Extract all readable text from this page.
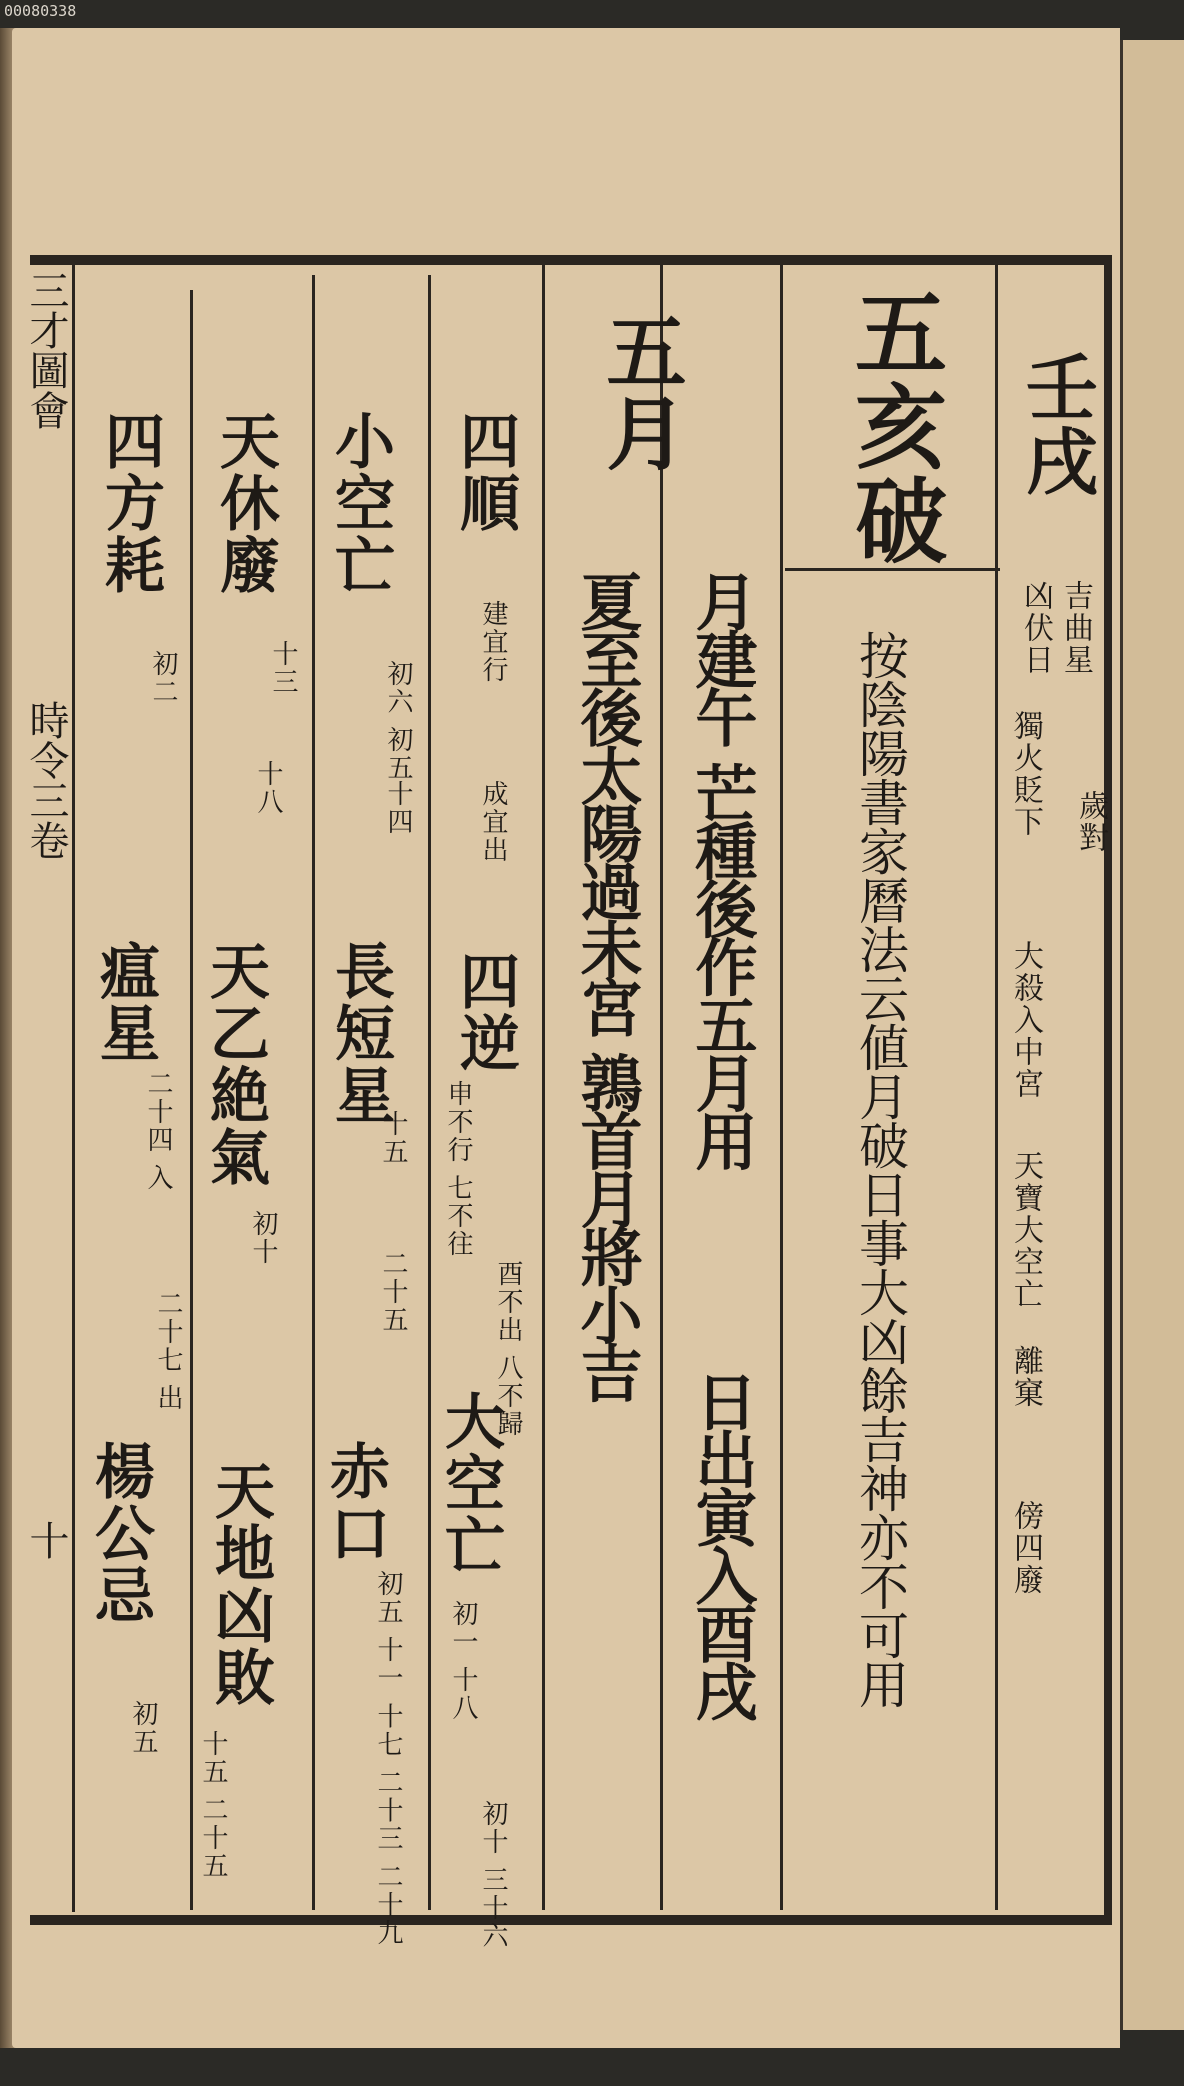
00080338
三才圖會
時令三卷
十
五亥破 壬戌
吉曲星
凶伏日
歲對
獨火貶下
大殺入中宮
天寶大空亡
離窠
傍四廢
按陰陽書家曆法云値月破日事大凶餘吉神亦不可用
五月
月建午 芒種後作五月用
日出寅入酉戌
夏至後太陽過未宮 鶉首月將小吉
四順
建宜行
成宜出
四逆
申不行 七不往
大空亡
酉不出 八不歸
初一 十八
初十 三十六
小空亡
初六 初五
十四
長短星
十五
二十五
赤口
初五 十一 十七 二十三 二十九
天休廢
十三
十八
天乙絶氣
初十
天地凶敗
十五 二十五
四方耗
初二
瘟星
二十四 入
二十七 出
楊公忌
初五
